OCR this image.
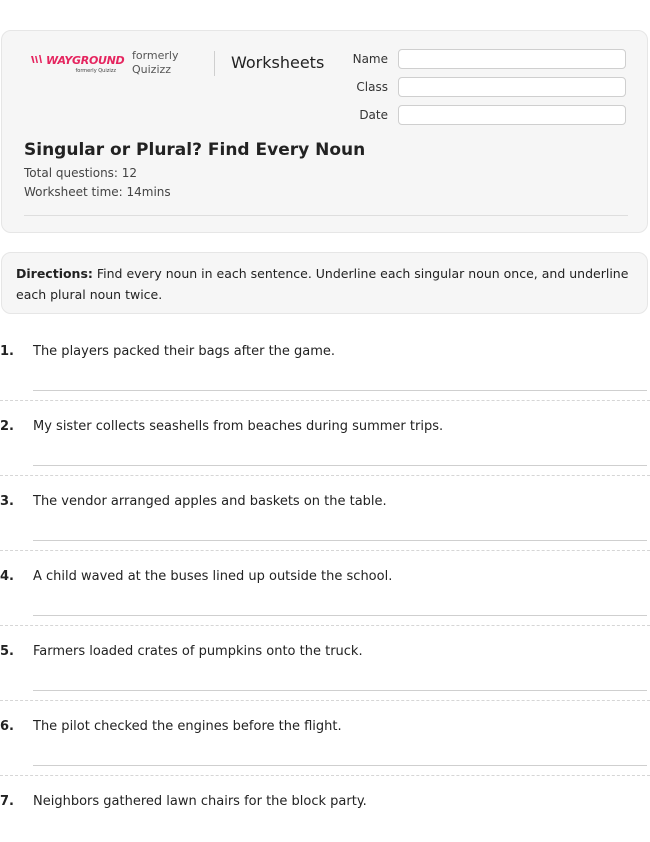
WAYGROUND
formerly Quizizz
formerly
Quizizz	Worksheets	Name
Class
Date
Singular or Plural? Find Every Noun
Total questions: 12
Worksheet time: 14mins
Directions: Find every noun in each sentence. Underline each singular noun once, and underline each plural noun twice.
1. The players packed their bags after the game.
2. My sister collects seashells from beaches during summer trips.
3. The vendor arranged apples and baskets on the table.
4. A child waved at the buses lined up outside the school.
5. Farmers loaded crates of pumpkins onto the truck.
6. The pilot checked the engines before the flight.
7. Neighbors gathered lawn chairs for the block party.
